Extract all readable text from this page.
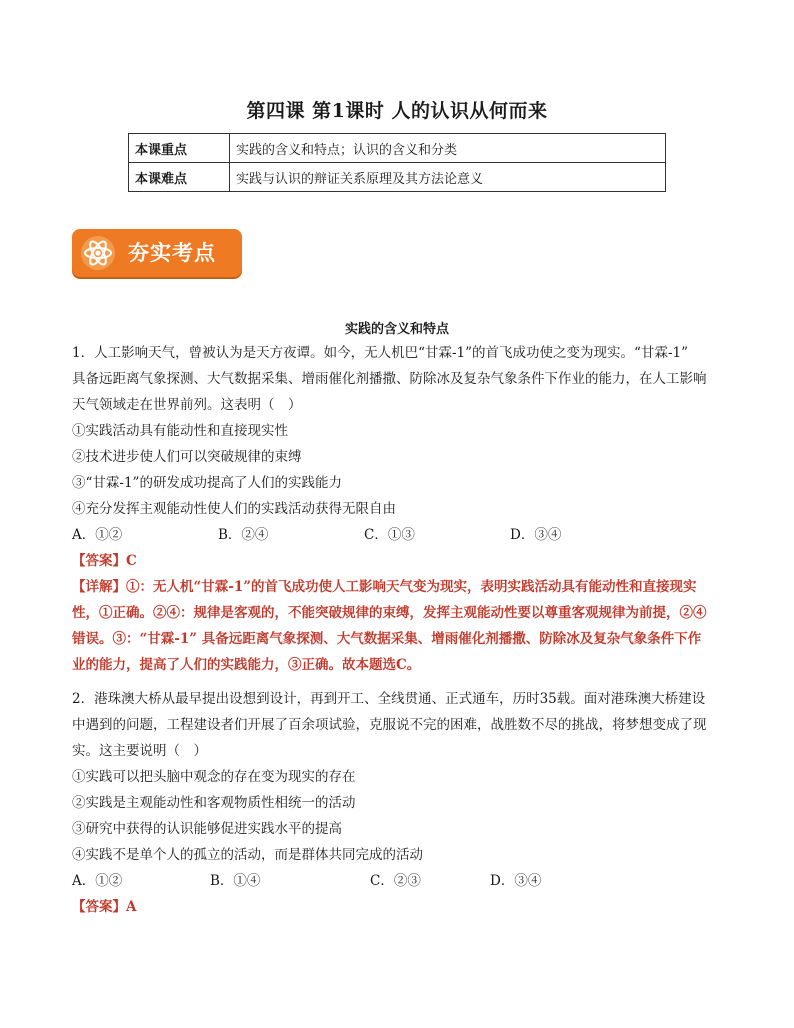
第四课 第1课时 人的认识从何而来
本课重点	实践的含义和特点；认识的含义和分类
本课难点	实践与认识的辩证关系原理及其方法论意义
夯实考点
实践的含义和特点
1．人工影响天气，曾被认为是天方夜谭。如今，无人机巴“甘霖-1”的首飞成功使之变为现实。“甘霖-1”
具备远距离气象探测、大气数据采集、增雨催化剂播撒、防除冰及复杂气象条件下作业的能力，在人工影响
天气领域走在世界前列。这表明（　）
①实践活动具有能动性和直接现实性
②技术进步使人们可以突破规律的束缚
③“甘霖-1”的研发成功提高了人们的实践能力
④充分发挥主观能动性使人们的实践活动获得无限自由
A．①②	B．②④	C．①③	D．③④
【答案】C
【详解】①：无人机“甘霖-1”的首飞成功使人工影响天气变为现实，表明实践活动具有能动性和直接现实
性，①正确。②④：规律是客观的，不能突破规律的束缚，发挥主观能动性要以尊重客观规律为前提，②④
错误。③：“甘霖-1” 具备远距离气象探测、大气数据采集、增雨催化剂播撒、防除冰及复杂气象条件下作
业的能力，提高了人们的实践能力，③正确。故本题选C。
2．港珠澳大桥从最早提出设想到设计，再到开工、全线贯通、正式通车，历时35载。面对港珠澳大桥建设
中遇到的问题，工程建设者们开展了百余项试验，克服说不完的困难，战胜数不尽的挑战，将梦想变成了现
实。这主要说明（　）
①实践可以把头脑中观念的存在变为现实的存在
②实践是主观能动性和客观物质性相统一的活动
③研究中获得的认识能够促进实践水平的提高
④实践不是单个人的孤立的活动，而是群体共同完成的活动
A．①②	B．①④	C．②③	D．③④
【答案】A
